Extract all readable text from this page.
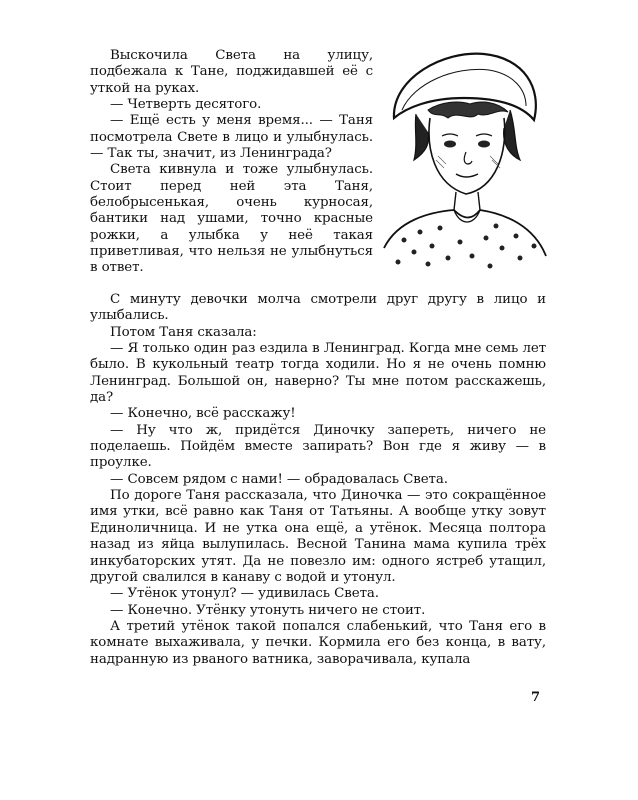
Выскочила Света на улицу, подбежала к Тане, поджидавшей её с уткой на руках.

— Четверть десятого.

— Ещё есть у меня время... — Таня посмотрела Свете в лицо и улыбнулась. — Так ты, значит, из Ленинграда?

Света кивнула и тоже улыбнулась. Стоит перед ней эта Таня, белобрысенькая, очень курносая, бантики над ушами, точно красные рожки, а улыбка у неё такая приветливая, что нельзя не улыбнуться в ответ.

С минуту девочки молча смотрели друг другу в лицо и улыбались.

Потом Таня сказала:

— Я только один раз ездила в Ленинград. Когда мне семь лет было. В кукольный театр тогда ходили. Но я не очень помню Ленинград. Большой он, наверно? Ты мне потом расскажешь, да?

— Конечно, всё расскажу!

— Ну что ж, придётся Диночку запереть, ничего не поделаешь. Пойдём вместе запирать? Вон где я живу — в проулке.

— Совсем рядом с нами! — обрадовалась Света.

По дороге Таня рассказала, что Диночка — это сокращённое имя утки, всё равно как Таня от Татьяны. А вообще утку зовут Единоличница. И не утка она ещё, а утёнок. Месяца полтора назад из яйца вылупилась. Весной Танина мама купила трёх инкубаторских утят. Да не повезло им: одного ястреб утащил, другой свалился в канаву с водой и утонул.

— Утёнок утонул? — удивилась Света.

— Конечно. Утёнку утонуть ничего не стоит.

А третий утёнок такой попался слабенький, что Таня его в комнате выхаживала, у печки. Кормила его без конца, в вату, надранную из рваного ватника, заворачивала, купала

7
